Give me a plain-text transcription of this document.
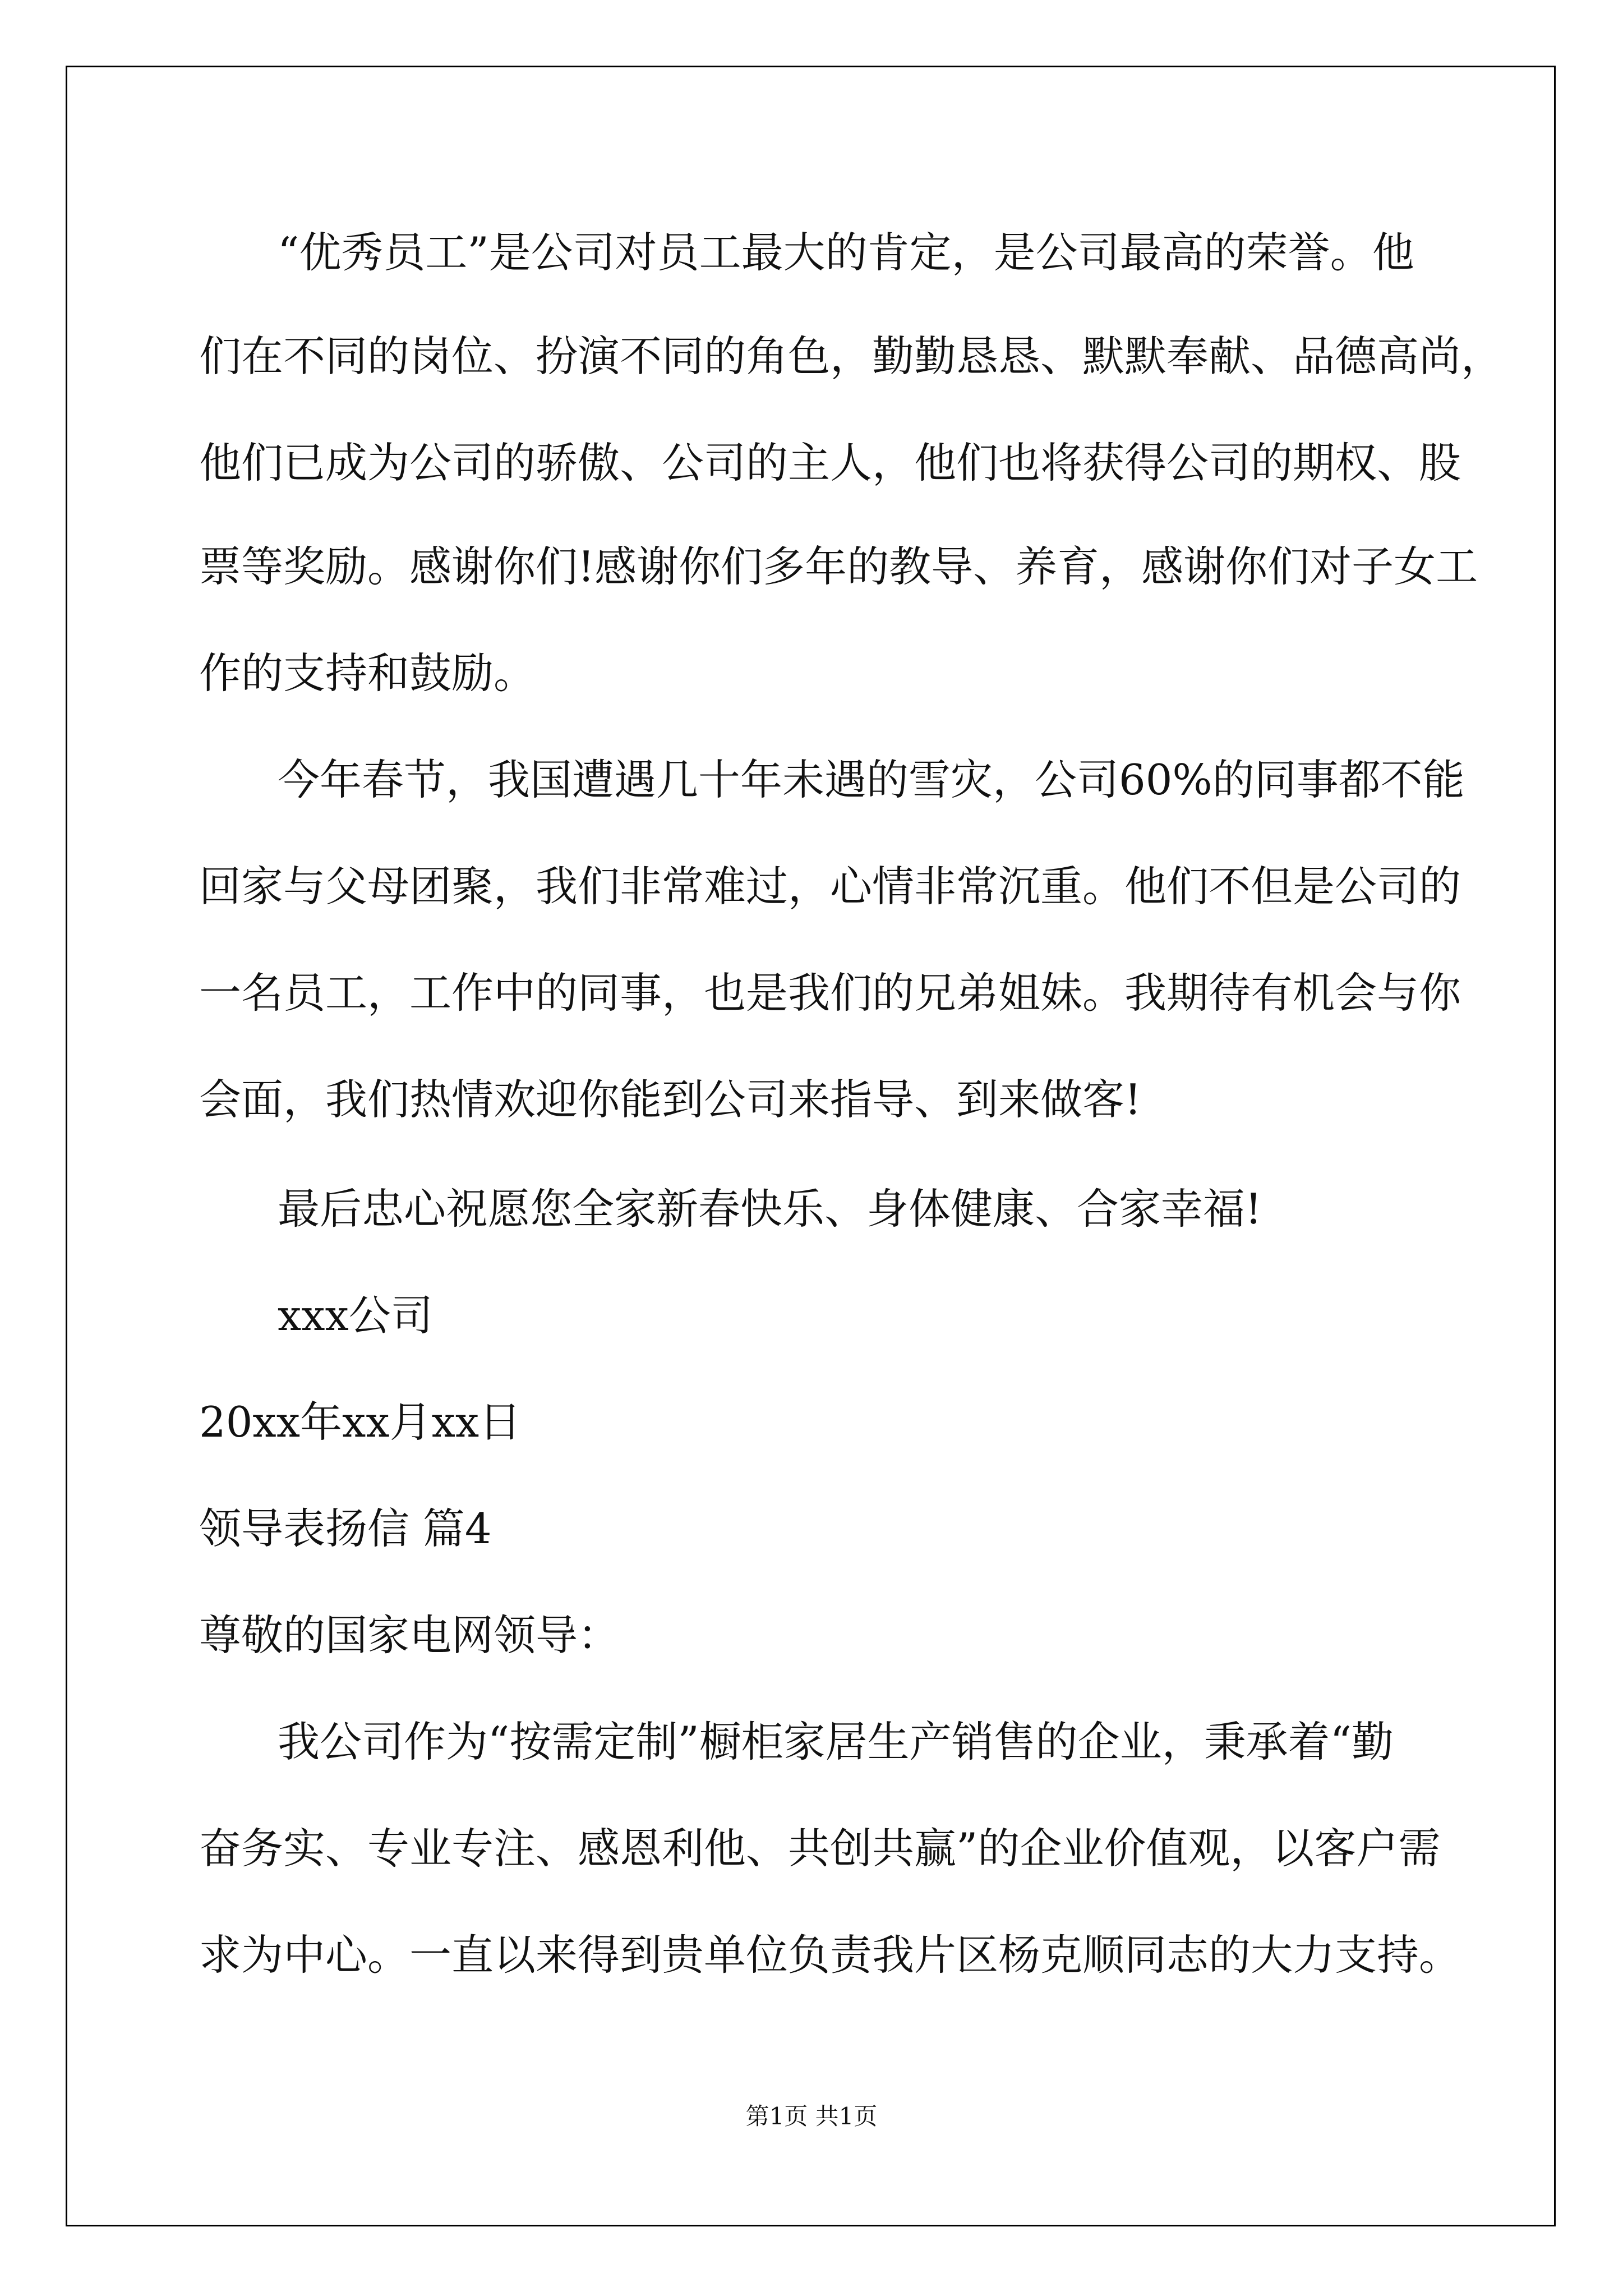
“优秀员工”是公司对员工最大的肯定，是公司最高的荣誉。他

们在不同的岗位、扮演不同的角色，勤勤恳恳、默默奉献、品德高尚，

他们已成为公司的骄傲、公司的主人，他们也将获得公司的期权、股

票等奖励。感谢你们!感谢你们多年的教导、养育，感谢你们对子女工

作的支持和鼓励。

今年春节，我国遭遇几十年未遇的雪灾，公司60%的同事都不能

回家与父母团聚，我们非常难过，心情非常沉重。他们不但是公司的

一名员工，工作中的同事，也是我们的兄弟姐妹。我期待有机会与你

会面，我们热情欢迎你能到公司来指导、到来做客!

最后忠心祝愿您全家新春快乐、身体健康、合家幸福!

xxx公司

20xx年xx月xx日

领导表扬信 篇4

尊敬的国家电网领导：

我公司作为“按需定制”橱柜家居生产销售的企业，秉承着“勤

奋务实、专业专注、感恩利他、共创共赢”的企业价值观，以客户需

求为中心。一直以来得到贵单位负责我片区杨克顺同志的大力支持。

第1页 共1页
